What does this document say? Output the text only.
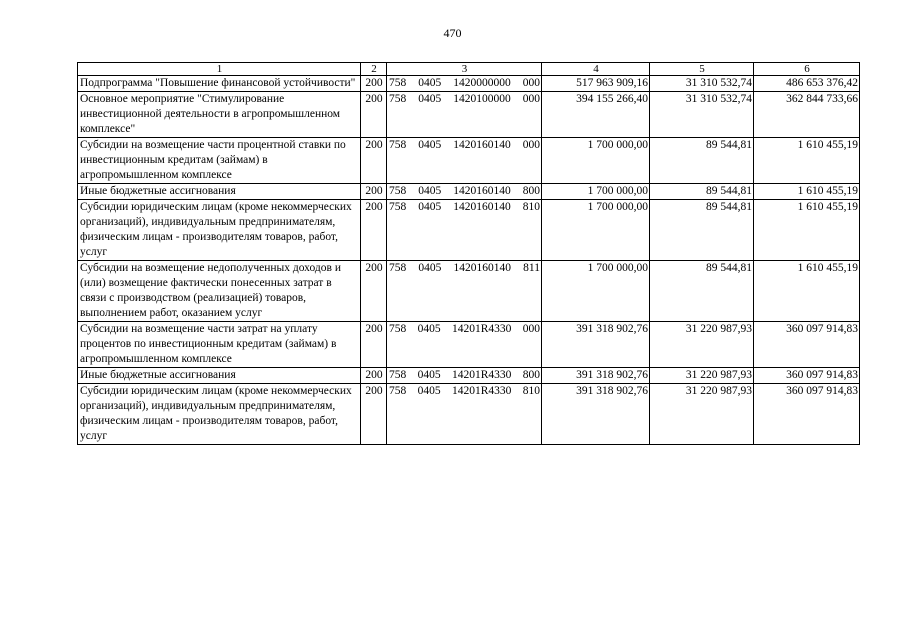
470
1	2	3	4	5	6
Подпрограмма "Повышение финансовой устойчивости"	200	758 0405 1420000000 000	517 963 909,16	31 310 532,74	486 653 376,42
Основное мероприятие "Стимулирование инвестиционной деятельности в агропромышленном комплексе"	200	758 0405 1420100000 000	394 155 266,40	31 310 532,74	362 844 733,66
Субсидии на возмещение части процентной ставки по инвестиционным кредитам (займам) в агропромышленном комплексе	200	758 0405 1420160140 000	1 700 000,00	89 544,81	1 610 455,19
Иные бюджетные ассигнования	200	758 0405 1420160140 800	1 700 000,00	89 544,81	1 610 455,19
Субсидии юридическим лицам (кроме некоммерческих организаций), индивидуальным предпринимателям, физическим лицам - производителям товаров, работ, услуг	200	758 0405 1420160140 810	1 700 000,00	89 544,81	1 610 455,19
Субсидии на возмещение недополученных доходов и (или) возмещение фактически понесенных затрат в связи с производством (реализацией) товаров, выполнением работ, оказанием услуг	200	758 0405 1420160140 811	1 700 000,00	89 544,81	1 610 455,19
Субсидии на возмещение части затрат на уплату процентов по инвестиционным кредитам (займам) в агропромышленном комплексе	200	758 0405 14201R4330 000	391 318 902,76	31 220 987,93	360 097 914,83
Иные бюджетные ассигнования	200	758 0405 14201R4330 800	391 318 902,76	31 220 987,93	360 097 914,83
Субсидии юридическим лицам (кроме некоммерческих организаций), индивидуальным предпринимателям, физическим лицам - производителям товаров, работ, услуг	200	758 0405 14201R4330 810	391 318 902,76	31 220 987,93	360 097 914,83
